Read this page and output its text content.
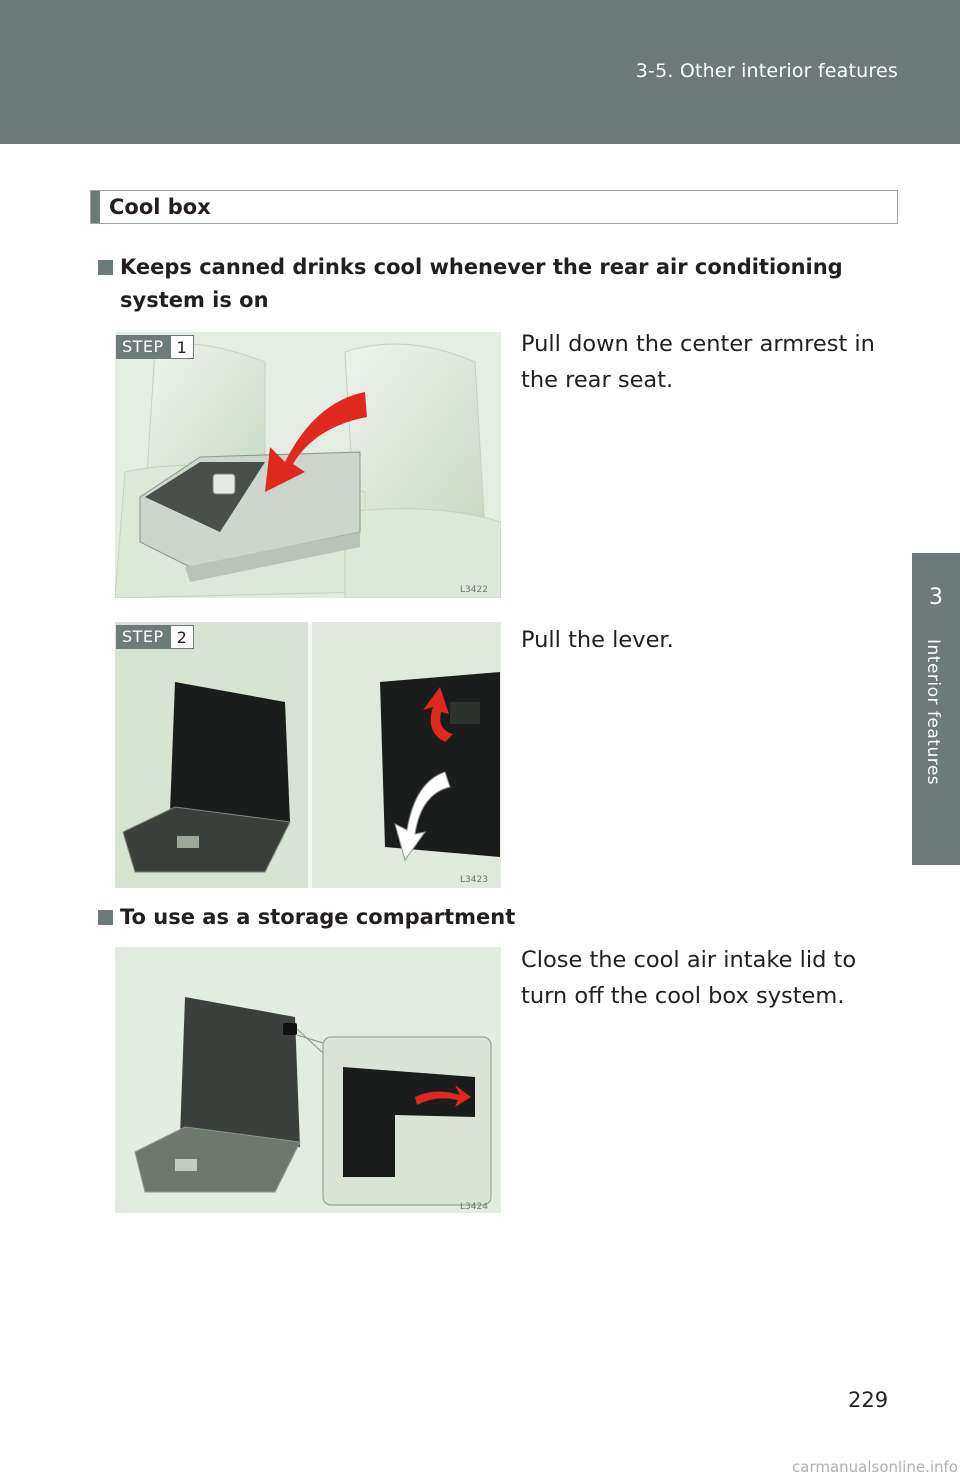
3-5. Other interior features
3
Interior features
Cool box
Keeps canned drinks cool whenever the rear air conditioning system is on
STEP 1
L3422
Pull down the center armrest in the rear seat.
STEP 2
L3423
Pull the lever.
To use as a storage compartment
L3424
Close the cool air intake lid to turn off the cool box system.
229
carmanualsonline.info
